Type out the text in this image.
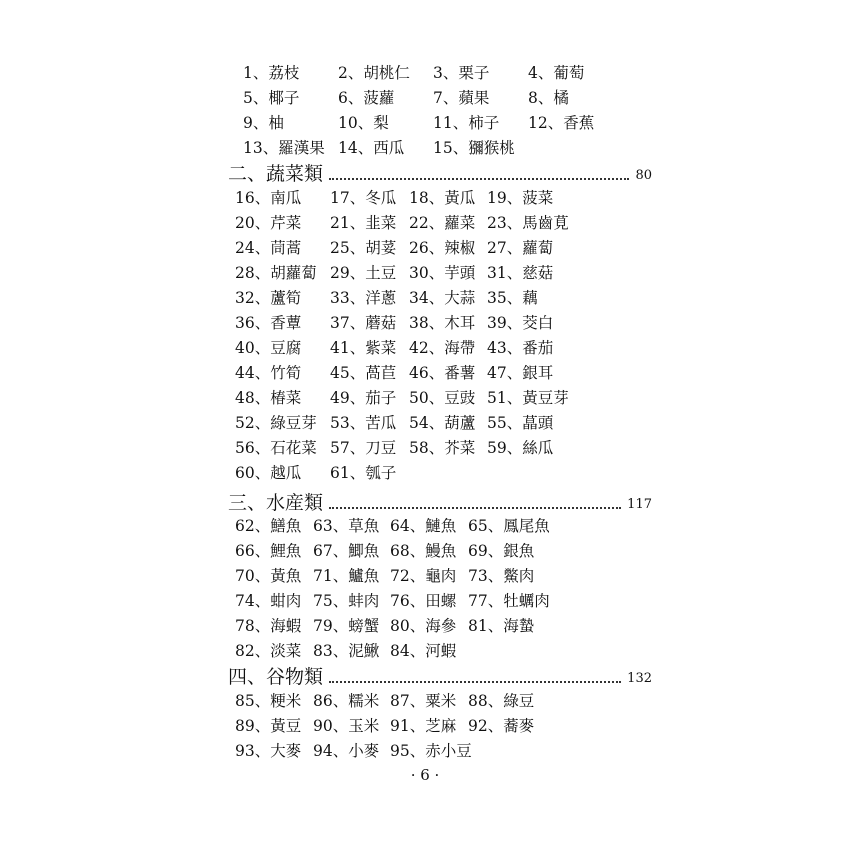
1、荔枝 2、胡桃仁 3、栗子 4、葡萄
5、椰子 6、菠蘿 7、蘋果 8、橘
9、柚	10、梨	11、柿子 12、香蕉
13、羅漢果 14、西瓜 15、獼猴桃
二、蔬菜類	80
16、南瓜 17、冬瓜 18、黃瓜 19、菠菜
20、芹菜 21、韭菜 22、蘿菜 23、馬齒莧
24、茼蒿 25、胡荽 26、辣椒 27、蘿蔔
28、胡蘿蔔 29、土豆 30、芋頭 31、慈菇
32、蘆筍 33、洋蔥 34、大蒜 35、藕
36、香蕈 37、蘑菇 38、木耳 39、茭白
40、豆腐 41、紫菜 42、海帶 43、番茄
44、竹筍 45、萵苣 46、番薯 47、銀耳
48、椿菜 49、茄子 50、豆豉 51、黃豆芽
52、綠豆芽 53、苦瓜 54、葫蘆 55、蕌頭
56、石花菜 57、刀豆 58、芥菜 59、絲瓜
60、越瓜 61、瓠子
三、水産類	117
62、鱔魚 63、草魚 64、鰱魚 65、鳳尾魚
66、鯉魚 67、鯽魚 68、鰻魚 69、銀魚
70、黃魚 71、鱸魚 72、龜肉 73、鱉肉
74、蚶肉 75、蚌肉 76、田螺 77、牡蠣肉
78、海蝦 79、螃蟹 80、海參 81、海蟄
82、淡菜 83、泥鰍 84、河蝦
四、谷物類	132
85、粳米 86、糯米 87、粟米 88、綠豆
89、黃豆 90、玉米 91、芝麻 92、蕎麥
93、大麥 94、小麥 95、赤小豆
· 6 ·
